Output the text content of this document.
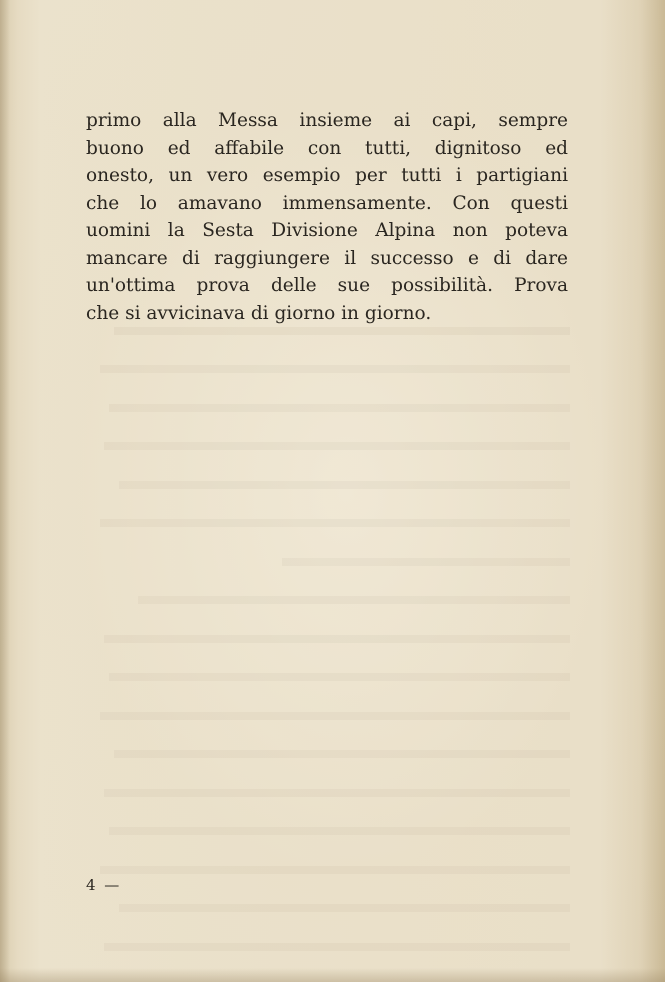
primo alla Messa insieme ai capi, sempre
buono ed affabile con tutti, dignitoso ed
onesto, un vero esempio per tutti i partigiani
che lo amavano immensamente. Con questi
uomini la Sesta Divisione Alpina non poteva
mancare di raggiungere il successo e di dare
un'ottima prova delle sue possibilità. Prova
che si avvicinava di giorno in giorno.
4 —
